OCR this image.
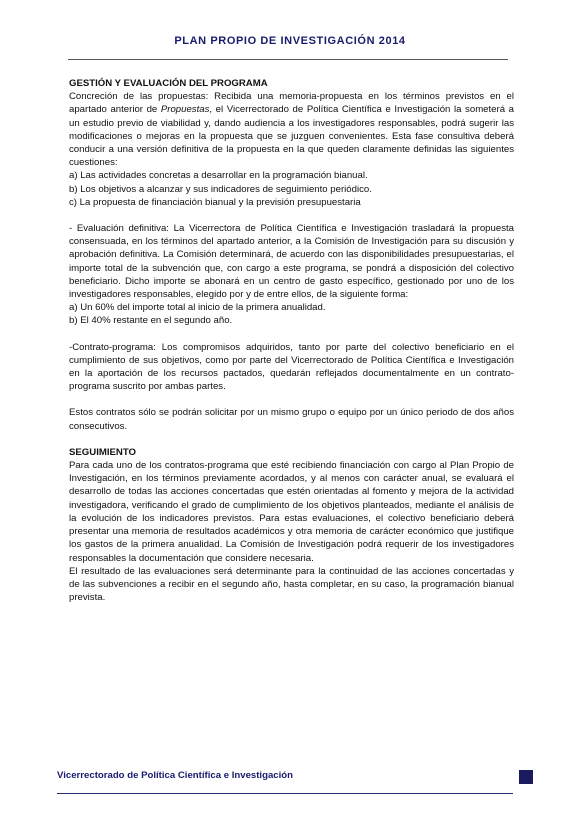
PLAN PROPIO DE INVESTIGACIÓN 2014
GESTIÓN Y EVALUACIÓN DEL PROGRAMA

Concreción de las propuestas: Recibida una memoria-propuesta en los términos previstos en el apartado anterior de Propuestas, el Vicerrectorado de Política Científica e Investigación la someterá a un estudio previo de viabilidad y, dando audiencia a los investigadores responsables, podrá sugerir las modificaciones o mejoras en la propuesta que se juzguen convenientes. Esta fase consultiva deberá conducir a una versión definitiva de la propuesta en la que queden claramente definidas las siguientes cuestiones:

a) Las actividades concretas a desarrollar en la programación bianual.
b) Los objetivos a alcanzar y sus indicadores de seguimiento periódico.
c) La propuesta de financiación bianual y la previsión presupuestaria

- Evaluación definitiva: La Vicerrectora de Política Científica e Investigación trasladará la propuesta consensuada, en los términos del apartado anterior, a la Comisión de Investigación para su discusión y aprobación definitiva. La Comisión determinará, de acuerdo con las disponibilidades presupuestarias, el importe total de la subvención que, con cargo a este programa, se pondrá a disposición del colectivo beneficiario. Dicho importe se abonará en un centro de gasto específico, gestionado por uno de los investigadores responsables, elegido por y de entre ellos, de la siguiente forma:

a) Un 60% del importe total al inicio de la primera anualidad.
b) El 40% restante en el segundo año.

-Contrato-programa: Los compromisos adquiridos, tanto por parte del colectivo beneficiario en el cumplimiento de sus objetivos, como por parte del Vicerrectorado de Política Científica e Investigación en la aportación de los recursos pactados, quedarán reflejados documentalmente en un contrato-programa suscrito por ambas partes.

Estos contratos sólo se podrán solicitar por un mismo grupo o equipo por un único periodo de dos años consecutivos.

SEGUIMIENTO

Para cada uno de los contratos-programa que esté recibiendo financiación con cargo al Plan Propio de Investigación, en los términos previamente acordados, y al menos con carácter anual, se evaluará el desarrollo de todas las acciones concertadas que estén orientadas al fomento y mejora de la actividad investigadora, verificando el grado de cumplimiento de los objetivos planteados, mediante el análisis de la evolución de los indicadores previstos. Para estas evaluaciones, el colectivo beneficiario deberá presentar una memoria de resultados académicos y otra memoria de carácter económico que justifique los gastos de la primera anualidad. La Comisión de Investigación podrá requerir de los investigadores responsables la documentación que considere necesaria.

El resultado de las evaluaciones será determinante para la continuidad de las acciones concertadas y de las subvenciones a recibir en el segundo año, hasta completar, en su caso, la programación bianual prevista.

Vicerrectorado de Política Científica e Investigación
